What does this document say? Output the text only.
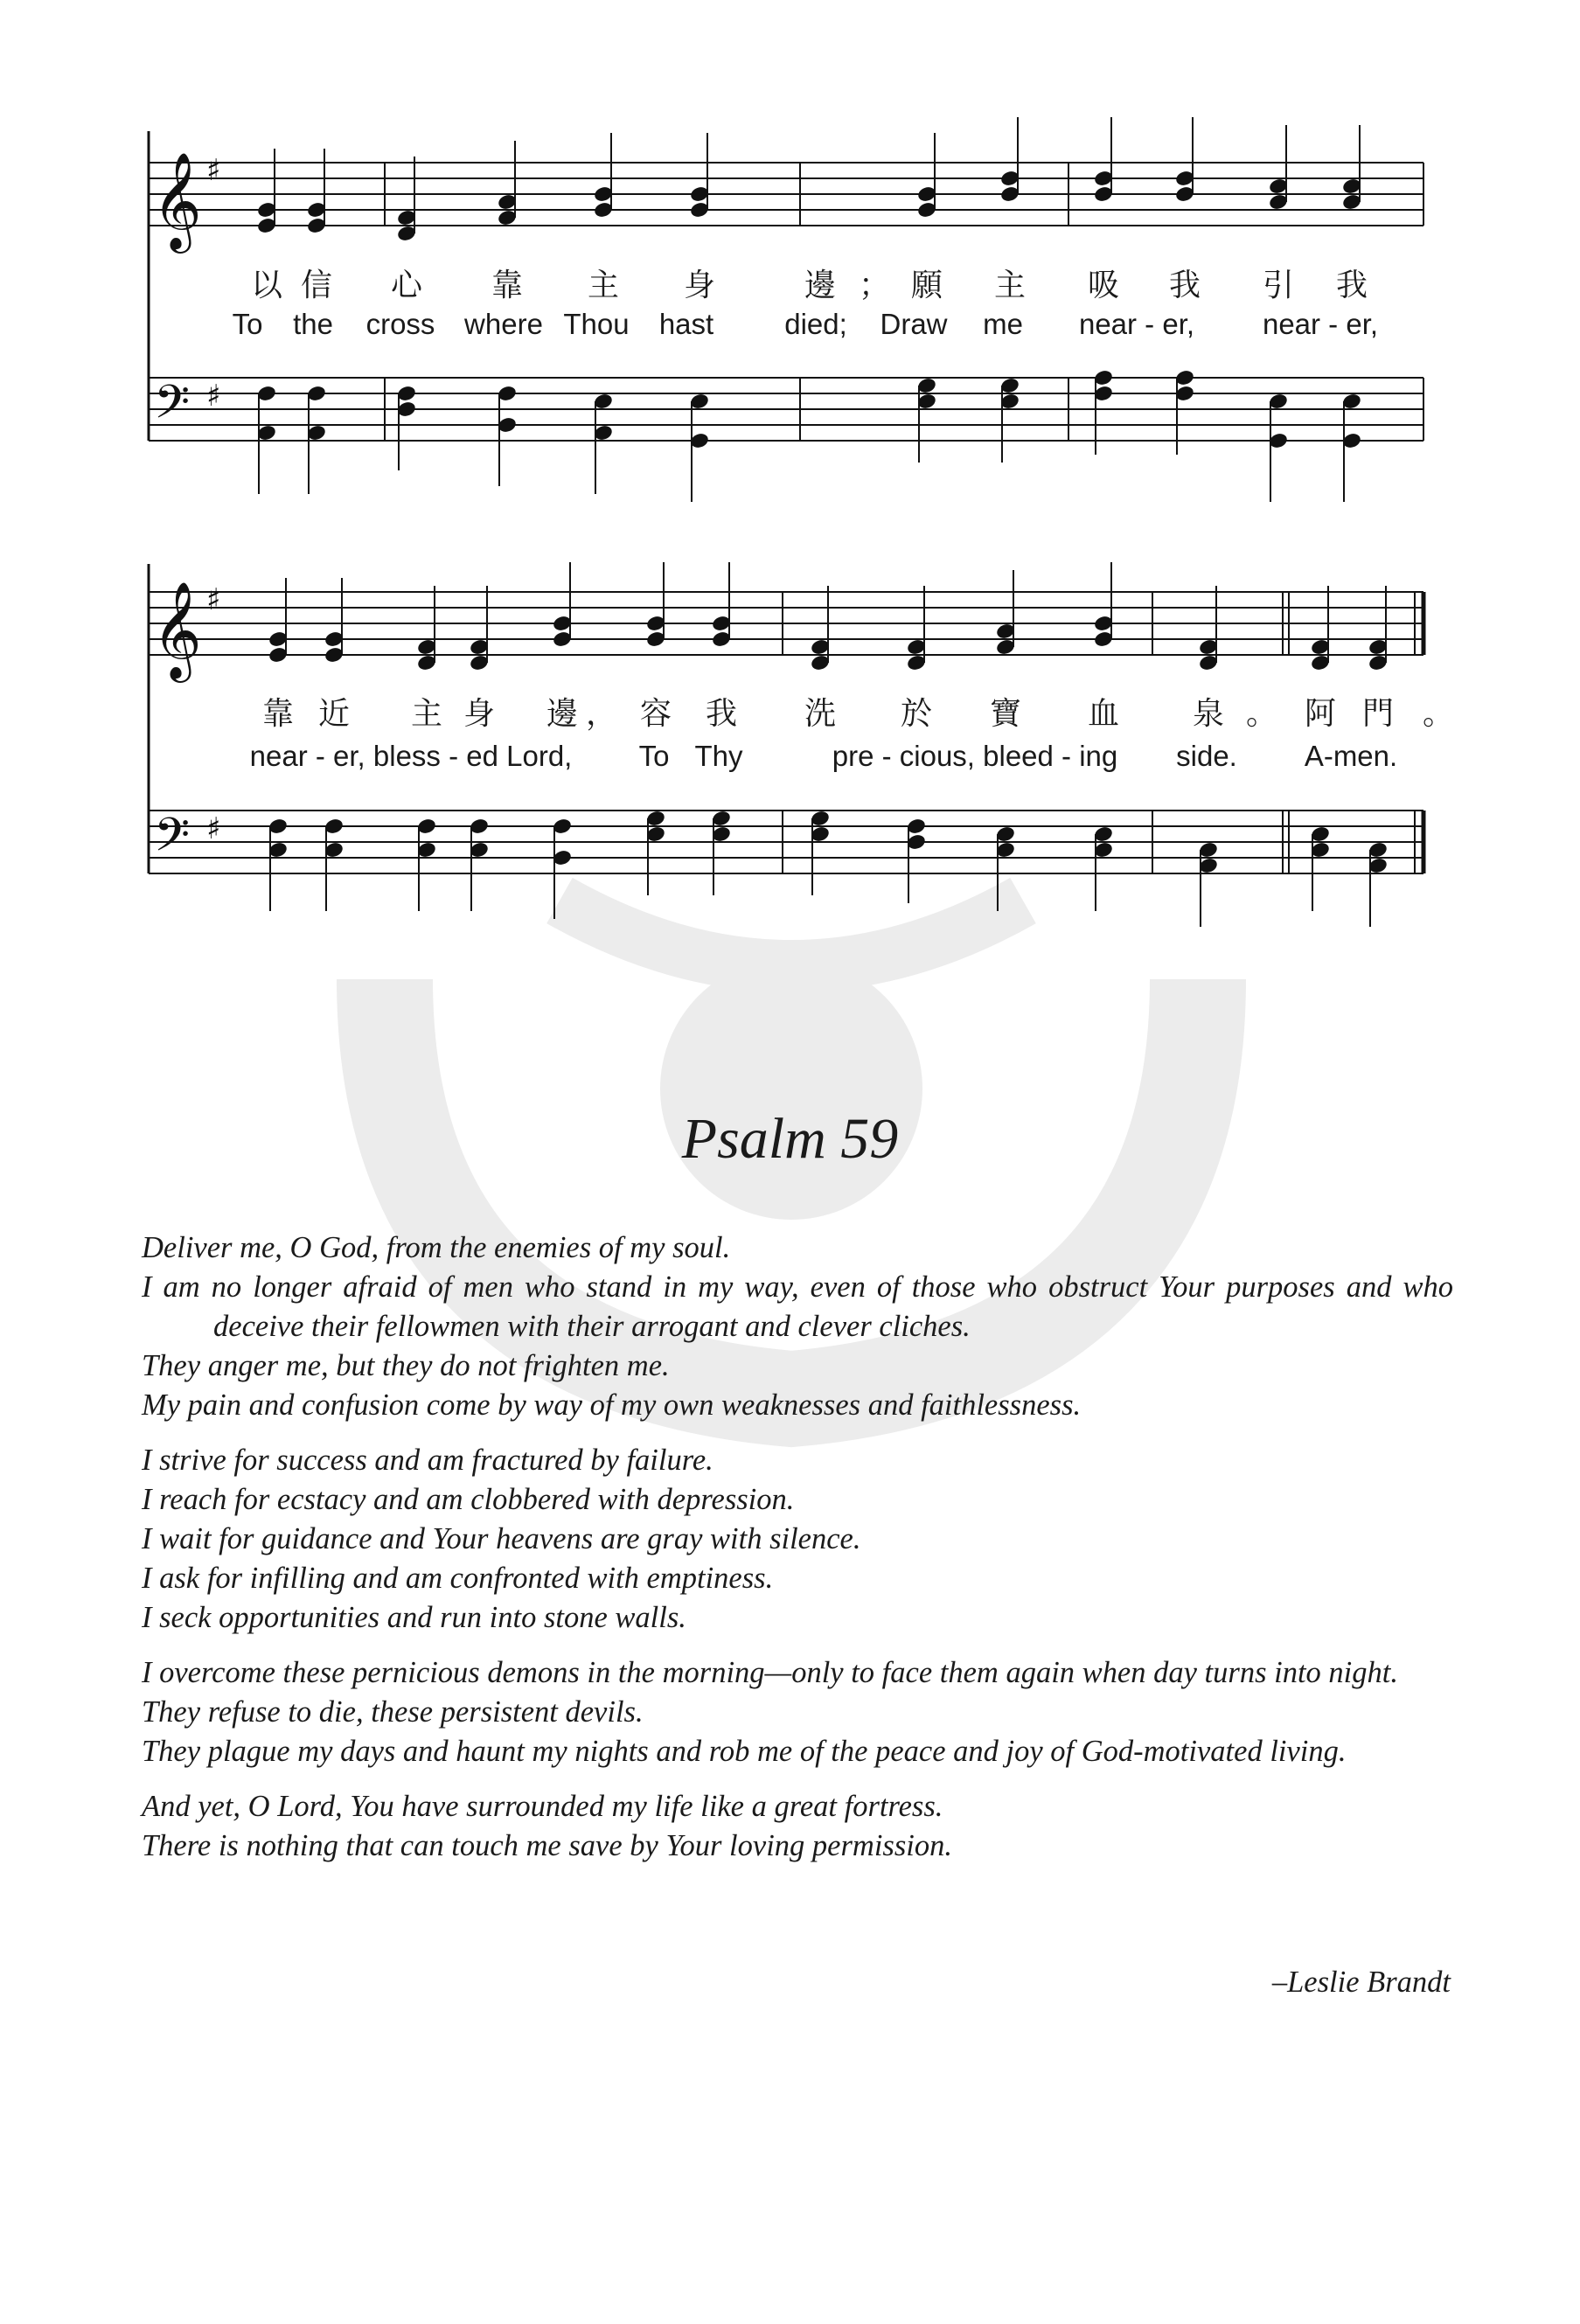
𝄞
𝄢
♯
♯
以 信	心	靠	主	身	邊 ； 願	主	吸	我	引	我
To the cross where Thou hast died; Draw me near - er, near - er,
𝄞
𝄢
♯
♯
靠 近	主 身	邊 ， 容	我	洗	於	寶	血	泉 。 阿 門 。
near - er, bless - ed Lord, To Thy	pre - cious, bleed - ing side. A-men.
Psalm 59
Deliver me, O God, from the enemies of my soul.
I am no longer afraid of men who stand in my way, even of those who obstruct Your purposes and who deceive their fellowmen with their arrogant and clever cliches.
They anger me, but they do not frighten me.
My pain and confusion come by way of my own weaknesses and faithlessness.
I strive for success and am fractured by failure.
I reach for ecstacy and am clobbered with depression.
I wait for guidance and Your heavens are gray with silence.
I ask for infilling and am confronted with emptiness.
I seck opportunities and run into stone walls.
I overcome these pernicious demons in the morning—only to face them again when day turns into night.
They refuse to die, these persistent devils.
They plague my days and haunt my nights and rob me of the peace and joy of God-motivated living.
And yet, O Lord, You have surrounded my life like a great fortress.
There is nothing that can touch me save by Your loving permission.
–Leslie Brandt
